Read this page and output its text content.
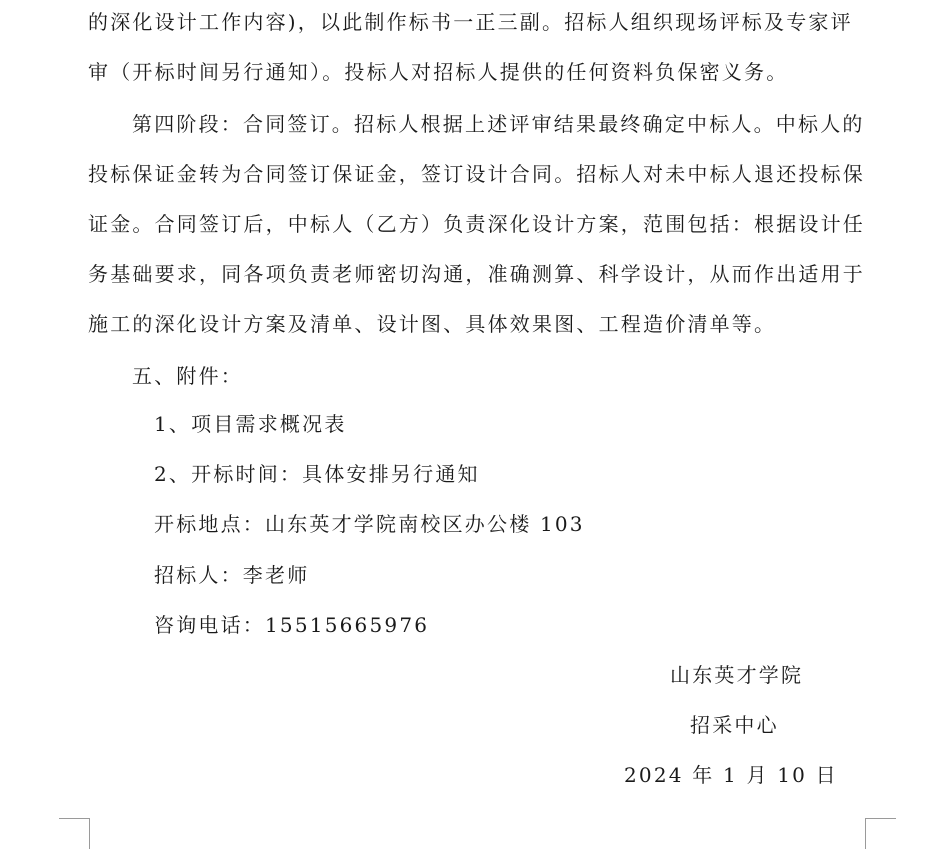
的深化设计工作内容)，以此制作标书一正三副。招标人组织现场评标及专家评
审（开标时间另行通知）。投标人对招标人提供的任何资料负保密义务。
第四阶段：合同签订。招标人根据上述评审结果最终确定中标人。中标人的
投标保证金转为合同签订保证金，签订设计合同。招标人对未中标人退还投标保
证金。合同签订后，中标人（乙方）负责深化设计方案，范围包括：根据设计任
务基础要求，同各项负责老师密切沟通，准确测算、科学设计，从而作出适用于
施工的深化设计方案及清单、设计图、具体效果图、工程造价清单等。
五、附件：
1、项目需求概况表
2、开标时间：具体安排另行通知
开标地点：山东英才学院南校区办公楼 103
招标人：李老师
咨询电话：15515665976
山东英才学院
招采中心
2024 年 1 月 10 日
